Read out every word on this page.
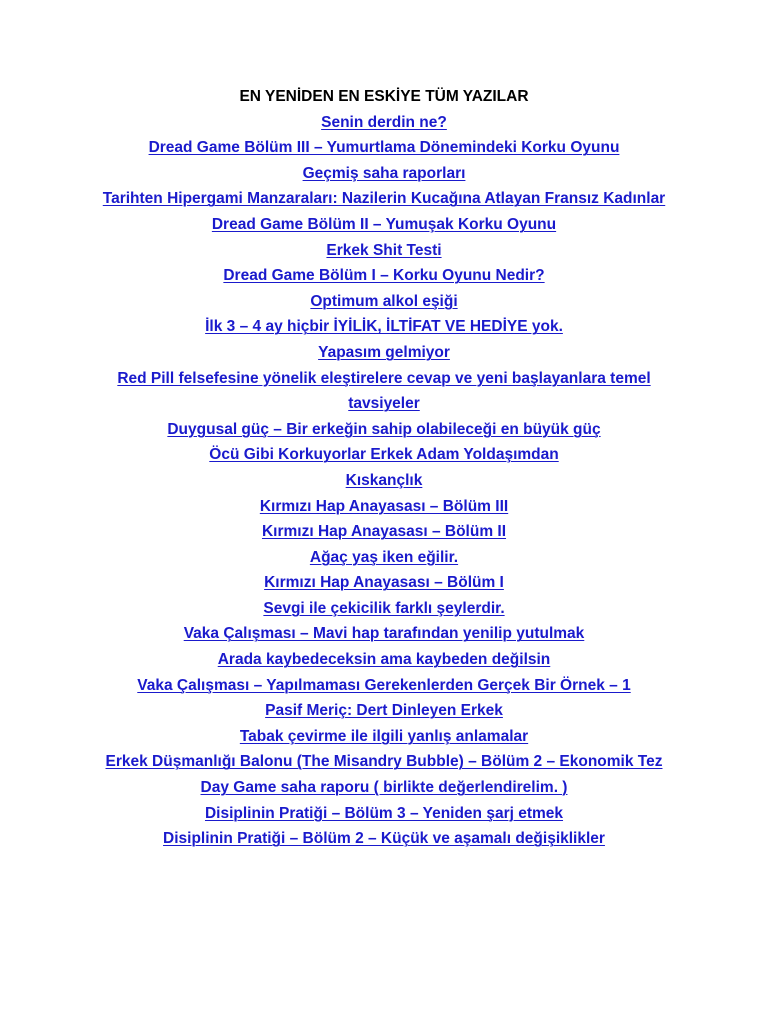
EN YENİDEN EN ESKİYE TÜM YAZILAR
Senin derdin ne?
Dread Game Bölüm III – Yumurtlama Dönemindeki Korku Oyunu
Geçmiş saha raporları
Tarihten Hipergami Manzaraları: Nazilerin Kucağına Atlayan Fransız Kadınlar
Dread Game Bölüm II – Yumuşak Korku Oyunu
Erkek Shit Testi
Dread Game Bölüm I – Korku Oyunu Nedir?
Optimum alkol eşiği
İlk 3 – 4 ay hiçbir İYİLİK, İLTİFAT VE HEDİYE yok.
Yapasım gelmiyor
Red Pill felsefesine yönelik eleştirelere cevap ve yeni başlayanlara temel tavsiyeler
Duygusal güç – Bir erkeğin sahip olabileceği en büyük güç
Öcü Gibi Korkuyorlar Erkek Adam Yoldaşımdan
Kıskançlık
Kırmızı Hap Anayasası – Bölüm III
Kırmızı Hap Anayasası – Bölüm II
Ağaç yaş iken eğilir.
Kırmızı Hap Anayasası – Bölüm I
Sevgi ile çekicilik farklı şeylerdir.
Vaka Çalışması – Mavi hap tarafından yenilip yutulmak
Arada kaybedeceksin ama kaybeden değilsin
Vaka Çalışması – Yapılmaması Gerekenlerden Gerçek Bir Örnek – 1
Pasif Meriç: Dert Dinleyen Erkek
Tabak çevirme ile ilgili yanlış anlamalar
Erkek Düşmanlığı Balonu (The Misandry Bubble) – Bölüm 2 – Ekonomik Tez
Day Game saha raporu ( birlikte değerlendirelim. )
Disiplinin Pratiği – Bölüm 3 – Yeniden şarj etmek
Disiplinin Pratiği – Bölüm 2 – Küçük ve aşamalı değişiklikler
